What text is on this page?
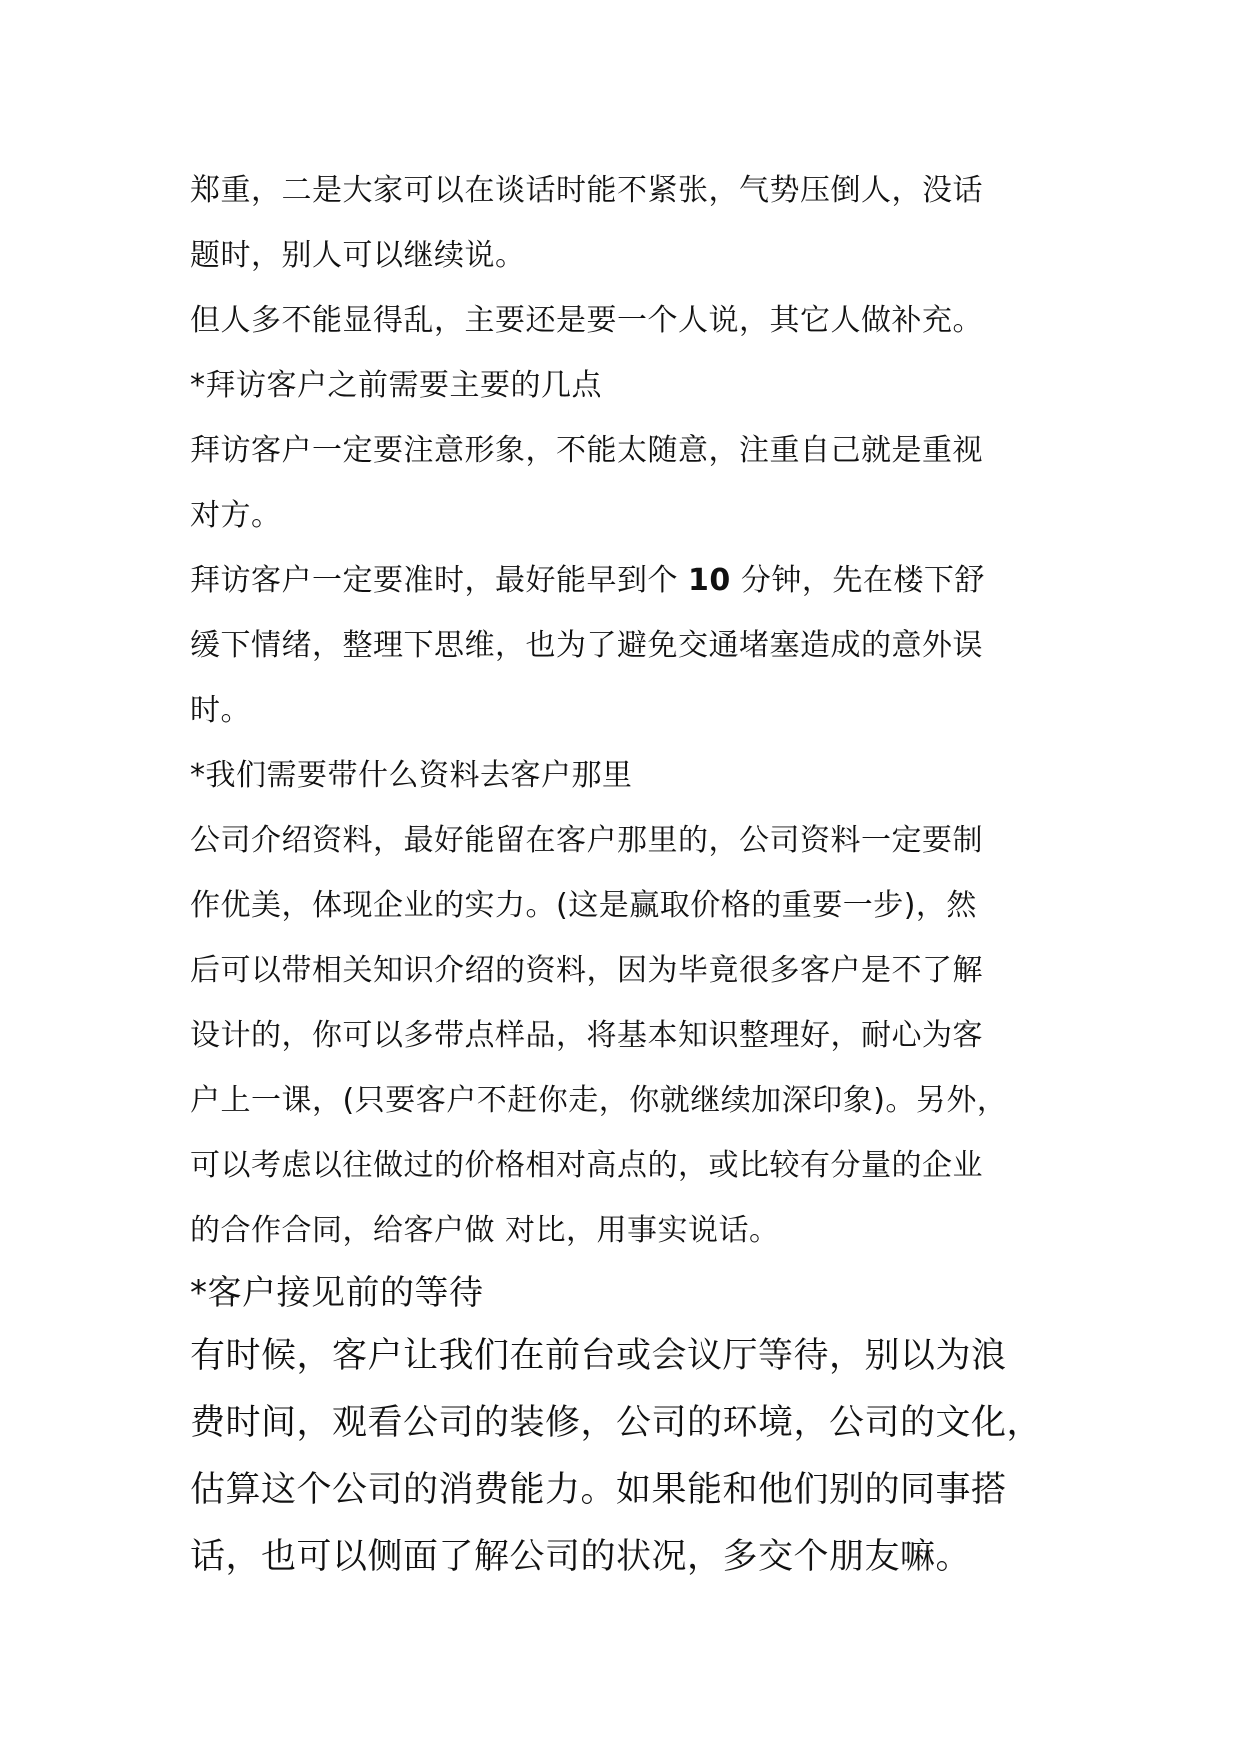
郑重，二是大家可以在谈话时能不紧张，气势压倒人，没话
题时，别人可以继续说。
但人多不能显得乱，主要还是要一个人说，其它人做补充。
*拜访客户之前需要主要的几点
拜访客户一定要注意形象，不能太随意，注重自己就是重视
对方。
拜访客户一定要准时，最好能早到个 10 分钟，先在楼下舒
缓下情绪，整理下思维，也为了避免交通堵塞造成的意外误
时。
*我们需要带什么资料去客户那里
公司介绍资料，最好能留在客户那里的，公司资料一定要制
作优美，体现企业的实力。(这是赢取价格的重要一步)，然
后可以带相关知识介绍的资料，因为毕竟很多客户是不了解
设计的，你可以多带点样品，将基本知识整理好，耐心为客
户上一课，(只要客户不赶你走，你就继续加深印象)。另外，
可以考虑以往做过的价格相对高点的，或比较有分量的企业
的合作合同，给客户做 对比，用事实说话。
*客户接见前的等待
有时候，客户让我们在前台或会议厅等待，别以为浪
费时间，观看公司的装修，公司的环境，公司的文化，
估算这个公司的消费能力。如果能和他们别的同事搭
话，也可以侧面了解公司的状况，多交个朋友嘛。
